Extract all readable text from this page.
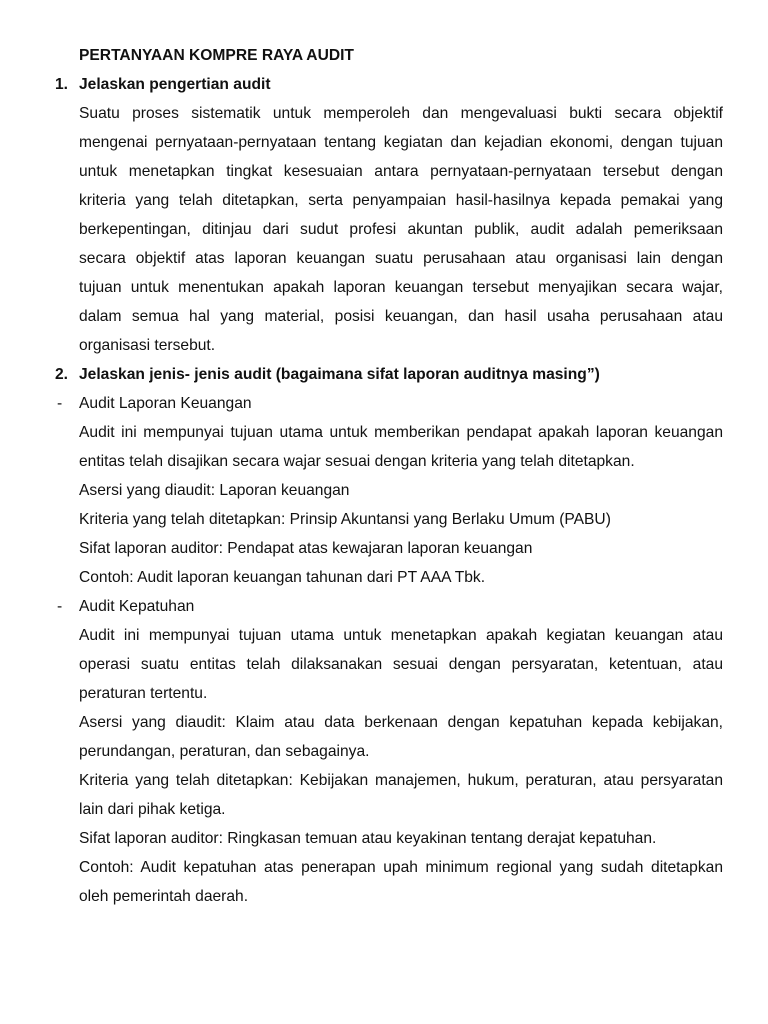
PERTANYAAN KOMPRE RAYA AUDIT
1. Jelaskan pengertian audit
Suatu proses sistematik untuk memperoleh dan mengevaluasi bukti secara objektif
mengenai pernyataan-pernyataan tentang kegiatan dan kejadian ekonomi, dengan tujuan
untuk menetapkan tingkat kesesuaian antara pernyataan-pernyataan tersebut dengan
kriteria yang telah ditetapkan, serta penyampaian hasil-hasilnya kepada pemakai yang
berkepentingan, ditinjau dari sudut profesi akuntan publik, audit adalah pemeriksaan
secara objektif atas laporan keuangan suatu perusahaan atau organisasi lain dengan
tujuan untuk menentukan apakah laporan keuangan tersebut menyajikan secara wajar,
dalam semua hal yang material, posisi keuangan, dan hasil usaha perusahaan atau
organisasi tersebut.
2. Jelaskan jenis- jenis audit (bagaimana sifat laporan auditnya masing”)
- Audit Laporan Keuangan
Audit ini mempunyai tujuan utama untuk memberikan pendapat apakah laporan keuangan
entitas telah disajikan secara wajar sesuai dengan kriteria yang telah ditetapkan.
Asersi yang diaudit: Laporan keuangan
Kriteria yang telah ditetapkan: Prinsip Akuntansi yang Berlaku Umum (PABU)
Sifat laporan auditor: Pendapat atas kewajaran laporan keuangan
Contoh: Audit laporan keuangan tahunan dari PT AAA Tbk.
- Audit Kepatuhan
Audit ini mempunyai tujuan utama untuk menetapkan apakah kegiatan keuangan atau
operasi suatu entitas telah dilaksanakan sesuai dengan persyaratan, ketentuan, atau
peraturan tertentu.
Asersi yang diaudit: Klaim atau data berkenaan dengan kepatuhan kepada kebijakan,
perundangan, peraturan, dan sebagainya.
Kriteria yang telah ditetapkan: Kebijakan manajemen, hukum, peraturan, atau persyaratan
lain dari pihak ketiga.
Sifat laporan auditor: Ringkasan temuan atau keyakinan tentang derajat kepatuhan.
Contoh: Audit kepatuhan atas penerapan upah minimum regional yang sudah ditetapkan
oleh pemerintah daerah.
